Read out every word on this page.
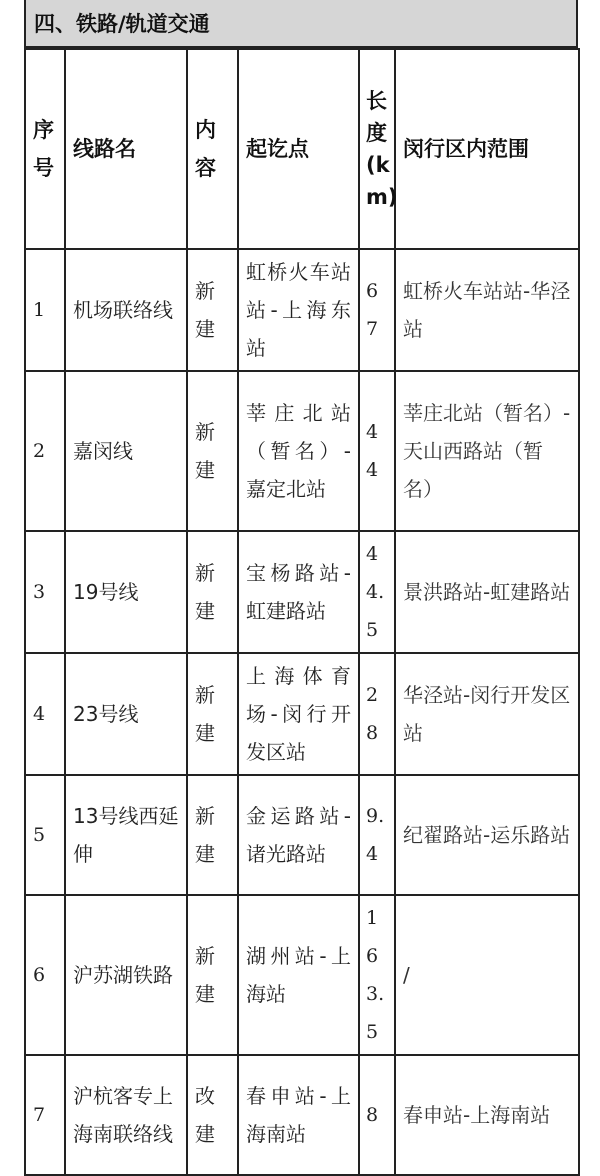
四、铁路/轨道交通
序号	线路名	内容	起讫点	长度(km)	闵行区内范围
1	机场联络线	新建	虹桥火车站站-上海东站	67	虹桥火车站站-华泾站
2	嘉闵线	新建	莘庄北站（暂名）-嘉定北站	44	莘庄北站（暂名）-天山西路站（暂名）
3	19号线	新建	宝杨路站-虹建路站	44.5	景洪路站-虹建路站
4	23号线	新建	上海体育场-闵行开发区站	28	华泾站-闵行开发区站
5	13号线西延伸	新建	金运路站-诸光路站	9.4	纪翟路站-运乐路站
6	沪苏湖铁路	新建	湖州站-上海站	163.5	/
7	沪杭客专上海南联络线	改建	春申站-上海南站	8	春申站-上海南站
